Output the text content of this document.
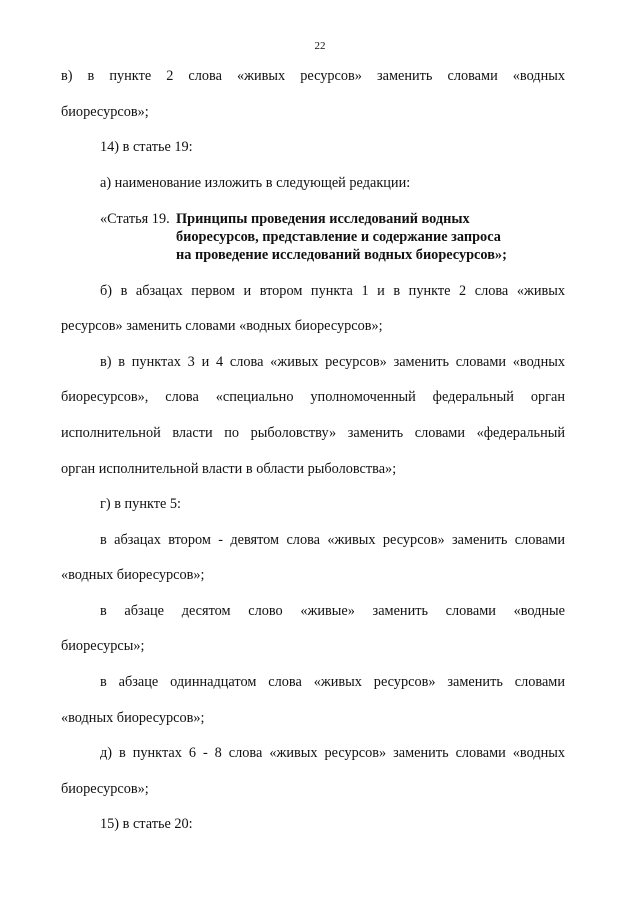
22

в) в пункте 2 слова «живых ресурсов» заменить словами «водных

биоресурсов»;

14) в статье 19:

а) наименование изложить в следующей редакции:

«Статья 19. Принципы проведения исследований водных

биоресурсов, представление и содержание запроса

на проведение исследований водных биоресурсов»;

б) в абзацах первом и втором пункта 1 и в пункте 2 слова «живых

ресурсов» заменить словами «водных биоресурсов»;

в) в пунктах 3 и 4 слова «живых ресурсов» заменить словами «водных

биоресурсов», слова «специально уполномоченный федеральный орган

исполнительной власти по рыболовству» заменить словами «федеральный

орган исполнительной власти в области рыболовства»;

г) в пункте 5:

в абзацах втором - девятом слова «живых ресурсов» заменить словами

«водных биоресурсов»;

в абзаце десятом слово «живые» заменить словами «водные

биоресурсы»;

в абзаце одиннадцатом слова «живых ресурсов» заменить словами

«водных биоресурсов»;

д) в пунктах 6 - 8 слова «живых ресурсов» заменить словами «водных

биоресурсов»;

15) в статье 20:
